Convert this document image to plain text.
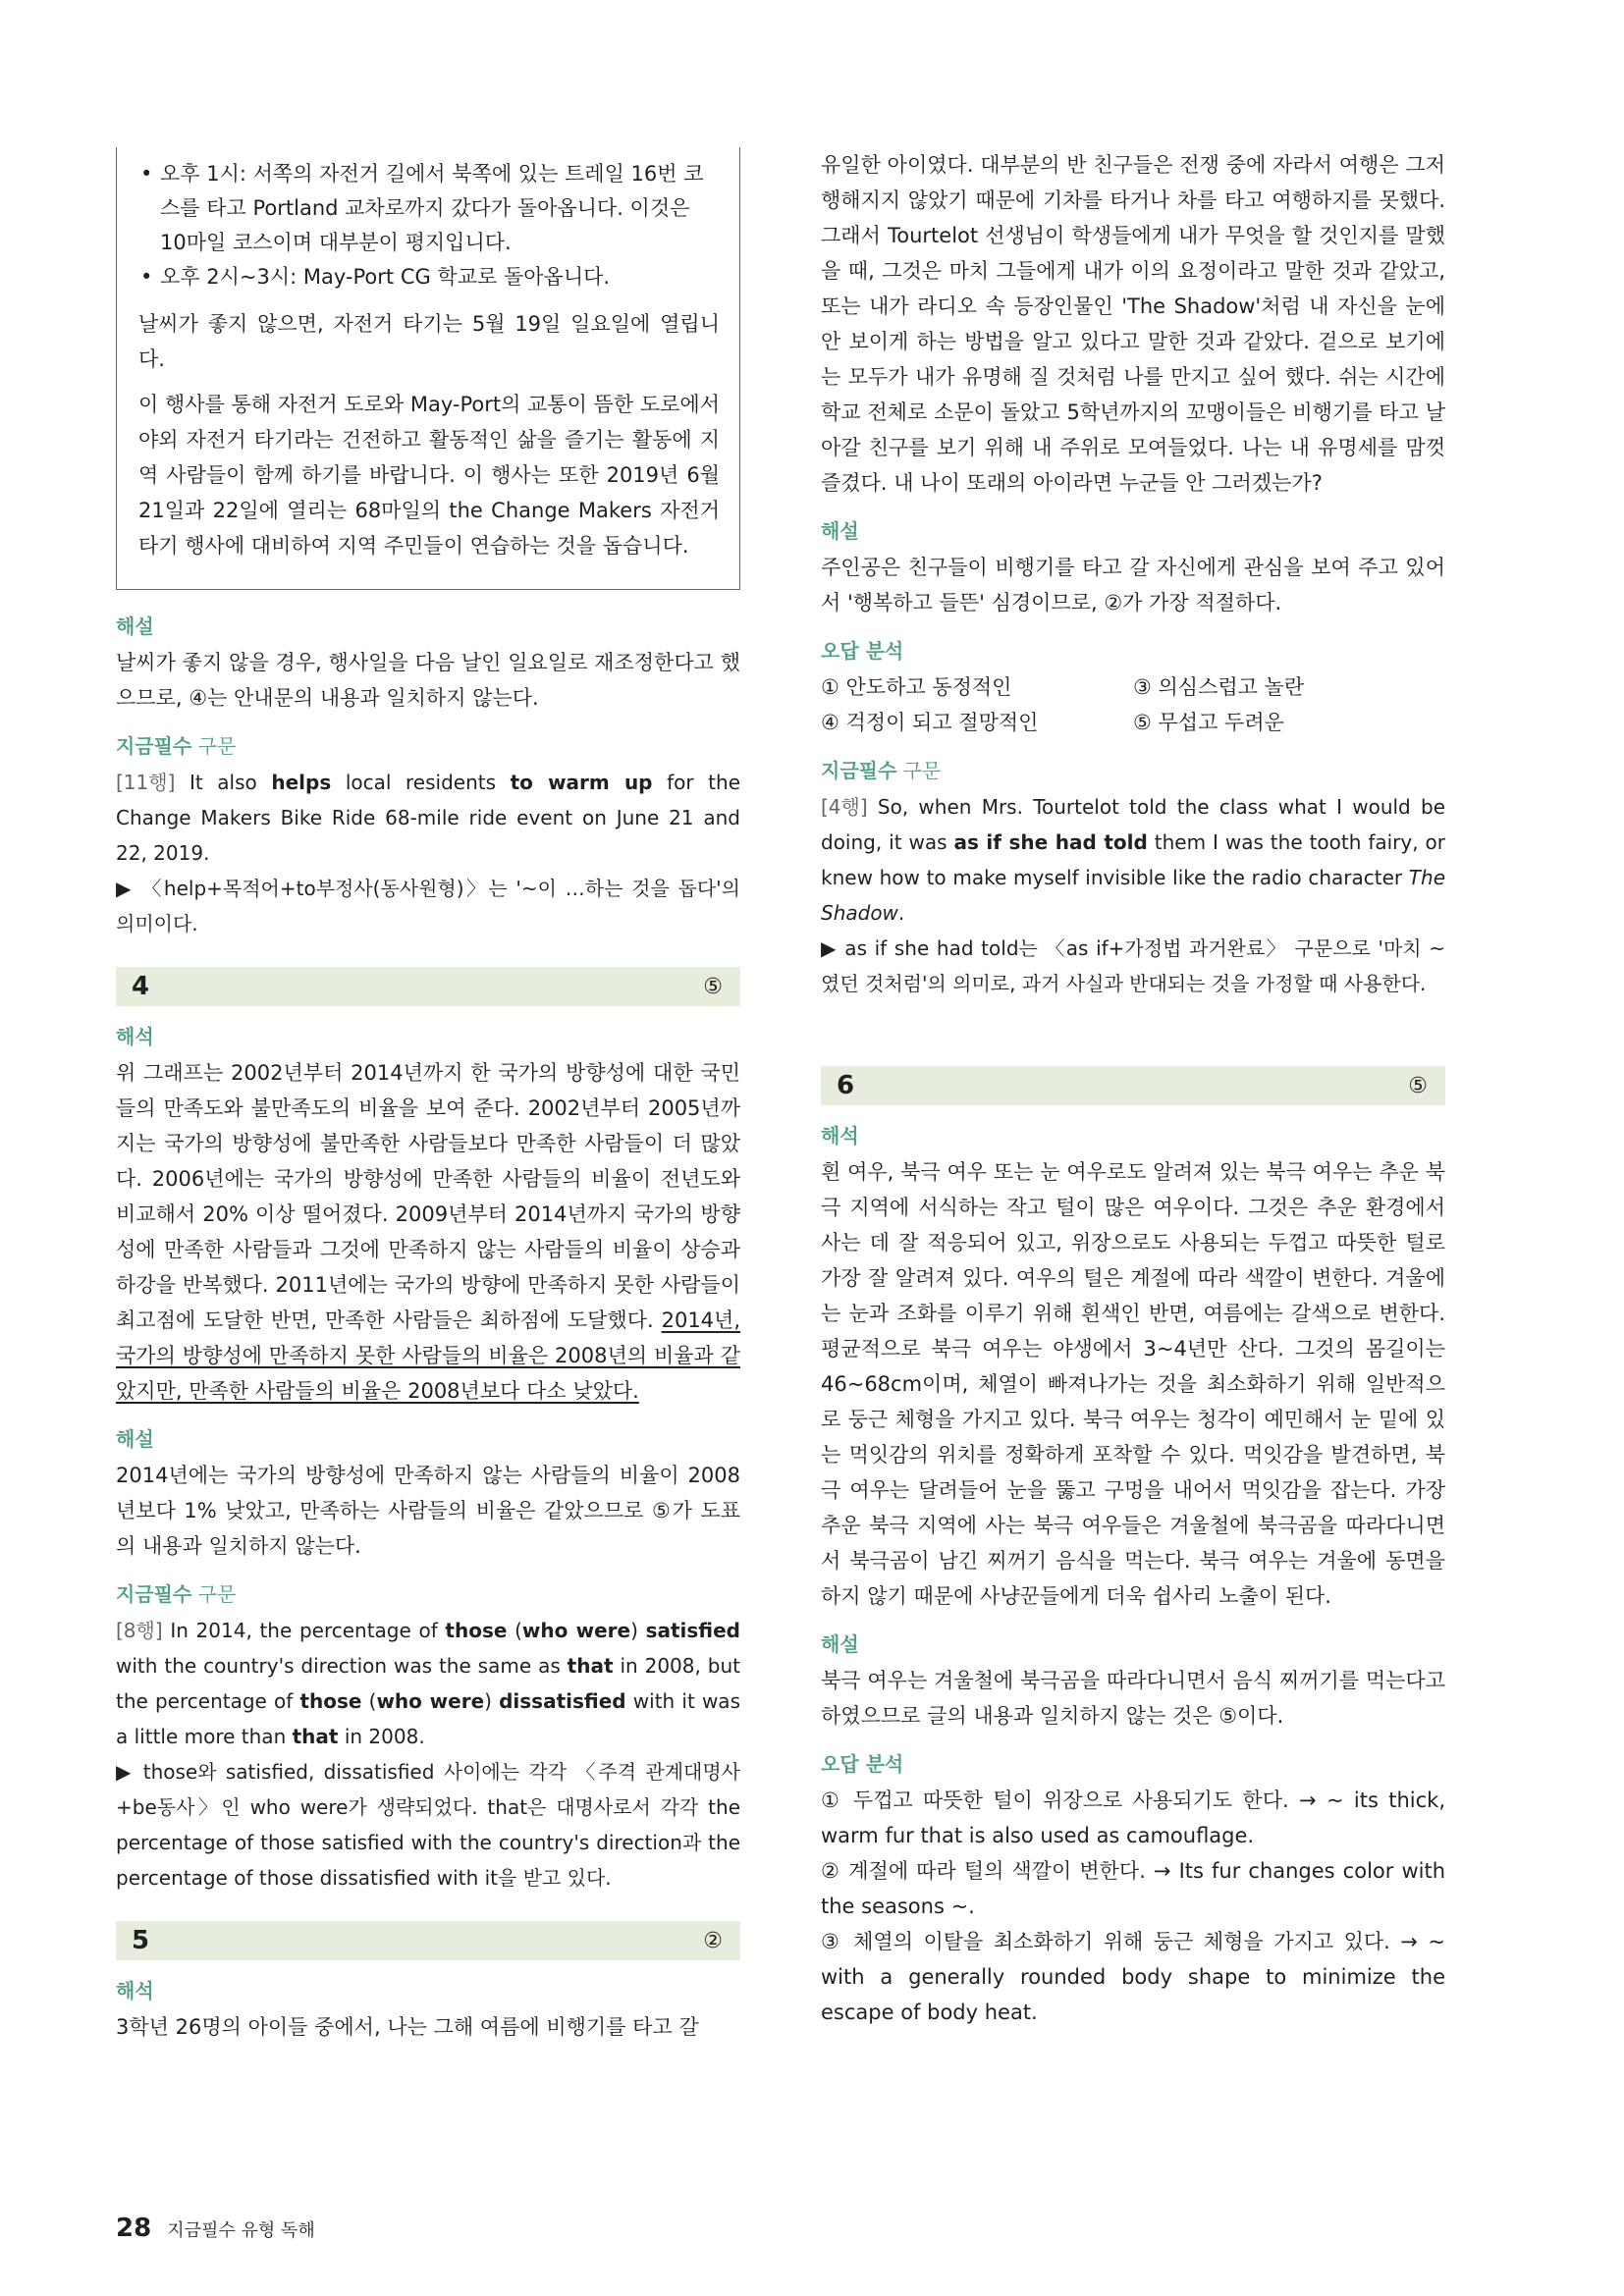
• 오후 1시: 서쪽의 자전거 길에서 북쪽에 있는 트레일 16번 코스를 타고 Portland 교차로까지 갔다가 돌아옵니다. 이것은 10마일 코스이며 대부분이 평지입니다.
• 오후 2시~3시: May-Port CG 학교로 돌아옵니다.

날씨가 좋지 않으면, 자전거 타기는 5월 19일 일요일에 열립니다.

이 행사를 통해 자전거 도로와 May-Port의 교통이 뜸한 도로에서 야외 자전거 타기라는 건전하고 활동적인 삶을 즐기는 활동에 지역 사람들이 함께 하기를 바랍니다. 이 행사는 또한 2019년 6월 21일과 22일에 열리는 68마일의 the Change Makers 자전거 타기 행사에 대비하여 지역 주민들이 연습하는 것을 돕습니다.

해설

날씨가 좋지 않을 경우, 행사일을 다음 날인 일요일로 재조정한다고 했으므로, ④는 안내문의 내용과 일치하지 않는다.

지금필수 구문

[11행] It also helps local residents to warm up for the Change Makers Bike Ride 68-mile ride event on June 21 and 22, 2019.

▶ 〈help+목적어+to부정사(동사원형)〉는 '~이 …하는 것을 돕다'의 의미이다.

4	⑤
해석

위 그래프는 2002년부터 2014년까지 한 국가의 방향성에 대한 국민들의 만족도와 불만족도의 비율을 보여 준다. 2002년부터 2005년까지는 국가의 방향성에 불만족한 사람들보다 만족한 사람들이 더 많았다. 2006년에는 국가의 방향성에 만족한 사람들의 비율이 전년도와 비교해서 20% 이상 떨어졌다. 2009년부터 2014년까지 국가의 방향성에 만족한 사람들과 그것에 만족하지 않는 사람들의 비율이 상승과 하강을 반복했다. 2011년에는 국가의 방향에 만족하지 못한 사람들이 최고점에 도달한 반면, 만족한 사람들은 최하점에 도달했다. 2014년, 국가의 방향성에 만족하지 못한 사람들의 비율은 2008년의 비율과 같았지만, 만족한 사람들의 비율은 2008년보다 다소 낮았다.

해설

2014년에는 국가의 방향성에 만족하지 않는 사람들의 비율이 2008년보다 1% 낮았고, 만족하는 사람들의 비율은 같았으므로 ⑤가 도표의 내용과 일치하지 않는다.

지금필수 구문

[8행] In 2014, the percentage of those (who were) satisfied with the country's direction was the same as that in 2008, but the percentage of those (who were) dissatisfied with it was a little more than that in 2008.

▶ those와 satisfied, dissatisfied 사이에는 각각 〈주격 관계대명사+be동사〉인 who were가 생략되었다. that은 대명사로서 각각 the percentage of those satisfied with the country's direction과 the percentage of those dissatisfied with it을 받고 있다.

5	②
해석

3학년 26명의 아이들 중에서, 나는 그해 여름에 비행기를 타고 갈

유일한 아이였다. 대부분의 반 친구들은 전쟁 중에 자라서 여행은 그저 행해지지 않았기 때문에 기차를 타거나 차를 타고 여행하지를 못했다. 그래서 Tourtelot 선생님이 학생들에게 내가 무엇을 할 것인지를 말했을 때, 그것은 마치 그들에게 내가 이의 요정이라고 말한 것과 같았고, 또는 내가 라디오 속 등장인물인 'The Shadow'처럼 내 자신을 눈에 안 보이게 하는 방법을 알고 있다고 말한 것과 같았다. 겉으로 보기에는 모두가 내가 유명해 질 것처럼 나를 만지고 싶어 했다. 쉬는 시간에 학교 전체로 소문이 돌았고 5학년까지의 꼬맹이들은 비행기를 타고 날아갈 친구를 보기 위해 내 주위로 모여들었다. 나는 내 유명세를 맘껏 즐겼다. 내 나이 또래의 아이라면 누군들 안 그러겠는가?

해설

주인공은 친구들이 비행기를 타고 갈 자신에게 관심을 보여 주고 있어서 '행복하고 들뜬' 심경이므로, ②가 가장 적절하다.

오답 분석
① 안도하고 동정적인	③ 의심스럽고 놀란
④ 걱정이 되고 절망적인	⑤ 무섭고 두려운
지금필수 구문

[4행] So, when Mrs. Tourtelot told the class what I would be doing, it was as if she had told them I was the tooth fairy, or knew how to make myself invisible like the radio character The Shadow.

▶ as if she had told는 〈as if+가정법 과거완료〉 구문으로 '마치 ~였던 것처럼'의 의미로, 과거 사실과 반대되는 것을 가정할 때 사용한다.

6	⑤
해석

흰 여우, 북극 여우 또는 눈 여우로도 알려져 있는 북극 여우는 추운 북극 지역에 서식하는 작고 털이 많은 여우이다. 그것은 추운 환경에서 사는 데 잘 적응되어 있고, 위장으로도 사용되는 두껍고 따뜻한 털로 가장 잘 알려져 있다. 여우의 털은 계절에 따라 색깔이 변한다. 겨울에는 눈과 조화를 이루기 위해 흰색인 반면, 여름에는 갈색으로 변한다. 평균적으로 북극 여우는 야생에서 3~4년만 산다. 그것의 몸길이는 46~68cm이며, 체열이 빠져나가는 것을 최소화하기 위해 일반적으로 둥근 체형을 가지고 있다. 북극 여우는 청각이 예민해서 눈 밑에 있는 먹잇감의 위치를 정확하게 포착할 수 있다. 먹잇감을 발견하면, 북극 여우는 달려들어 눈을 뚫고 구멍을 내어서 먹잇감을 잡는다. 가장 추운 북극 지역에 사는 북극 여우들은 겨울철에 북극곰을 따라다니면서 북극곰이 남긴 찌꺼기 음식을 먹는다. 북극 여우는 겨울에 동면을 하지 않기 때문에 사냥꾼들에게 더욱 쉽사리 노출이 된다.

해설

북극 여우는 겨울철에 북극곰을 따라다니면서 음식 찌꺼기를 먹는다고 하였으므로 글의 내용과 일치하지 않는 것은 ⑤이다.

오답 분석

① 두껍고 따뜻한 털이 위장으로 사용되기도 한다. → ~ its thick, warm fur that is also used as camouflage.

② 계절에 따라 털의 색깔이 변한다. → Its fur changes color with the seasons ~.

③ 체열의 이탈을 최소화하기 위해 둥근 체형을 가지고 있다. → ~ with a generally rounded body shape to minimize the escape of body heat.

28 지금필수 유형 독해
